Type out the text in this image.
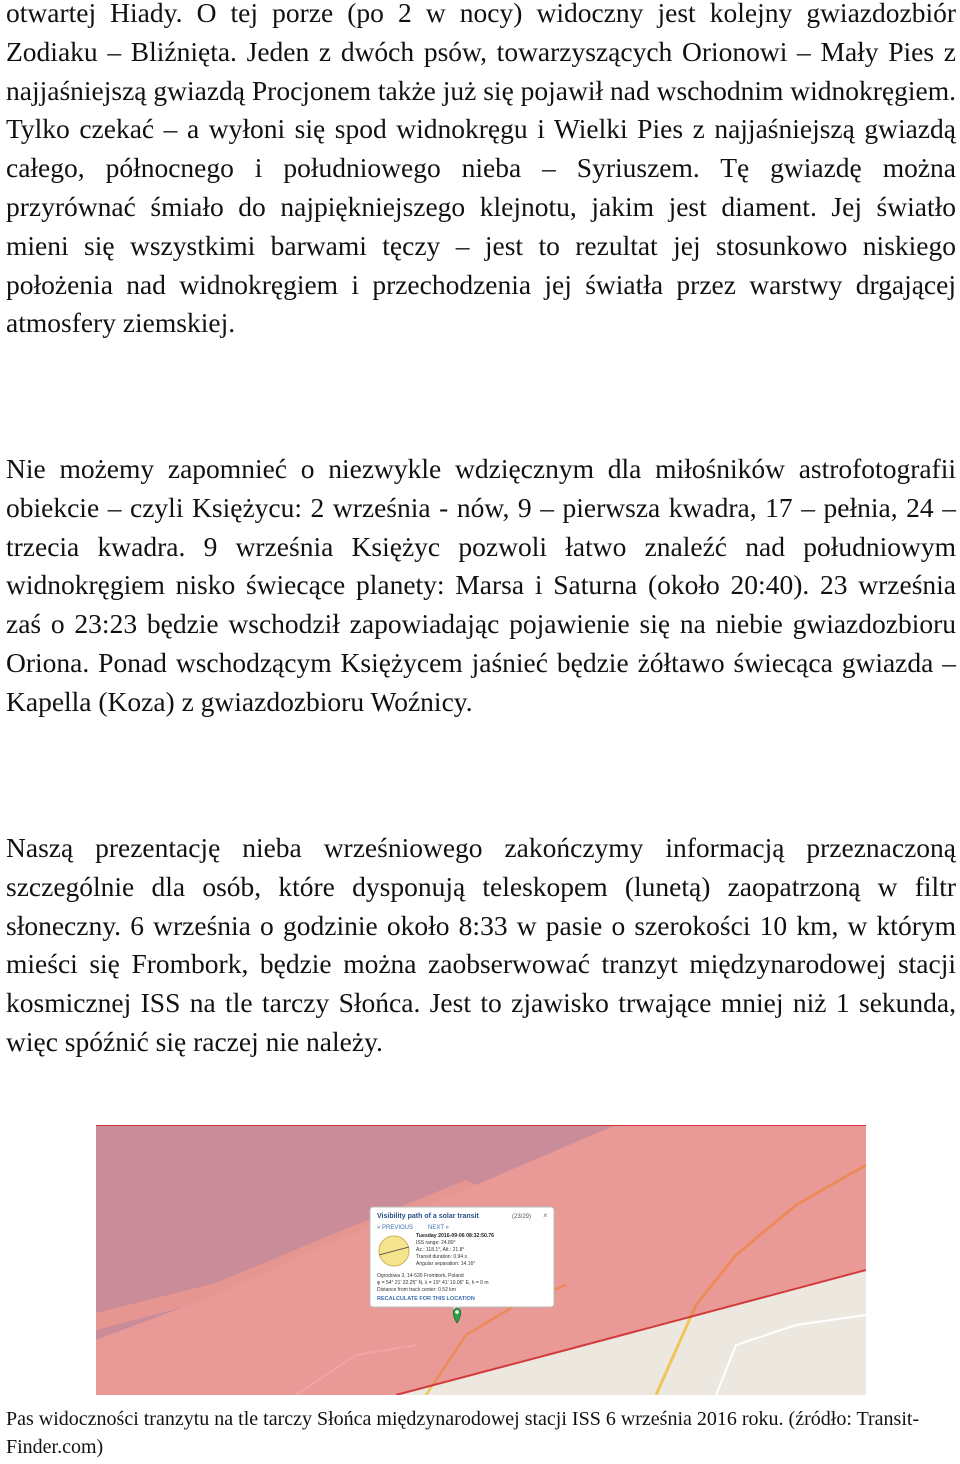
otwartej Hiady. O tej porze (po 2 w nocy) widoczny jest kolejny gwiazdozbiór Zodiaku – Bliźnięta. Jeden z dwóch psów, towarzyszących Orionowi – Mały Pies z najjaśniejszą gwiazdą Procjonem także już się pojawił nad wschodnim widnokręgiem. Tylko czekać – a wyłoni się spod widnokręgu i Wielki Pies z najjaśniejszą gwiazdą całego, północnego i południowego nieba – Syriuszem. Tę gwiazdę można przyrównać śmiało do najpiękniejszego klejnotu, jakim jest diament. Jej światło mieni się wszystkimi barwami tęczy – jest to rezultat jej stosunkowo niskiego położenia nad widnokręgiem i przechodzenia jej światła przez warstwy drgającej atmosfery ziemskiej.

Nie możemy zapomnieć o niezwykle wdzięcznym dla miłośników astrofotografii obiekcie – czyli Księżycu: 2 września - nów, 9 – pierwsza kwadra, 17 – pełnia, 24 – trzecia kwadra. 9 września Księżyc pozwoli łatwo znaleźć nad południowym widnokręgiem nisko świecące planety: Marsa i Saturna (około 20:40). 23 września zaś o 23:23 będzie wschodził zapowiadając pojawienie się na niebie gwiazdozbioru Oriona. Ponad wschodzącym Księżycem jaśnieć będzie żółtawo świecąca gwiazda – Kapella (Koza) z gwiazdozbioru Woźnicy.

Naszą prezentację nieba wrześniowego zakończymy informacją przeznaczoną szczególnie dla osób, które dysponują teleskopem (lunetą) zaopatrzoną w filtr słoneczny. 6 września o godzinie około 8:33 w pasie o szerokości 10 km, w którym mieści się Frombork, będzie można zaobserwować tranzyt międzynarodowej stacji kosmicznej ISS na tle tarczy Słońca. Jest to zjawisko trwające mniej niż 1 sekunda, więc spóźnić się raczej nie należy.

Visibility path of a solar transit	(23/29) ×
« PREVIOUS NEXT »
Tuesday 2016-09-06 08:32:50.76
ISS range: 24.80°
Az.: 118.1°, Alt.: 21.8°
Transit duration: 0.94 s
Angular separation: 14.16°
Ogrodowa 3, 14-530 Frombork, Poland
φ = 54° 21' 32.25" N, λ = 19° 41' 10.06" E, h = 0 m
Distance from track center: 0.52 km
RECALCULATE FOR THIS LOCATION

Pas widoczności tranzytu na tle tarczy Słońca międzynarodowej stacji ISS 6 września 2016 roku. (źródło: Transit-Finder.com)
